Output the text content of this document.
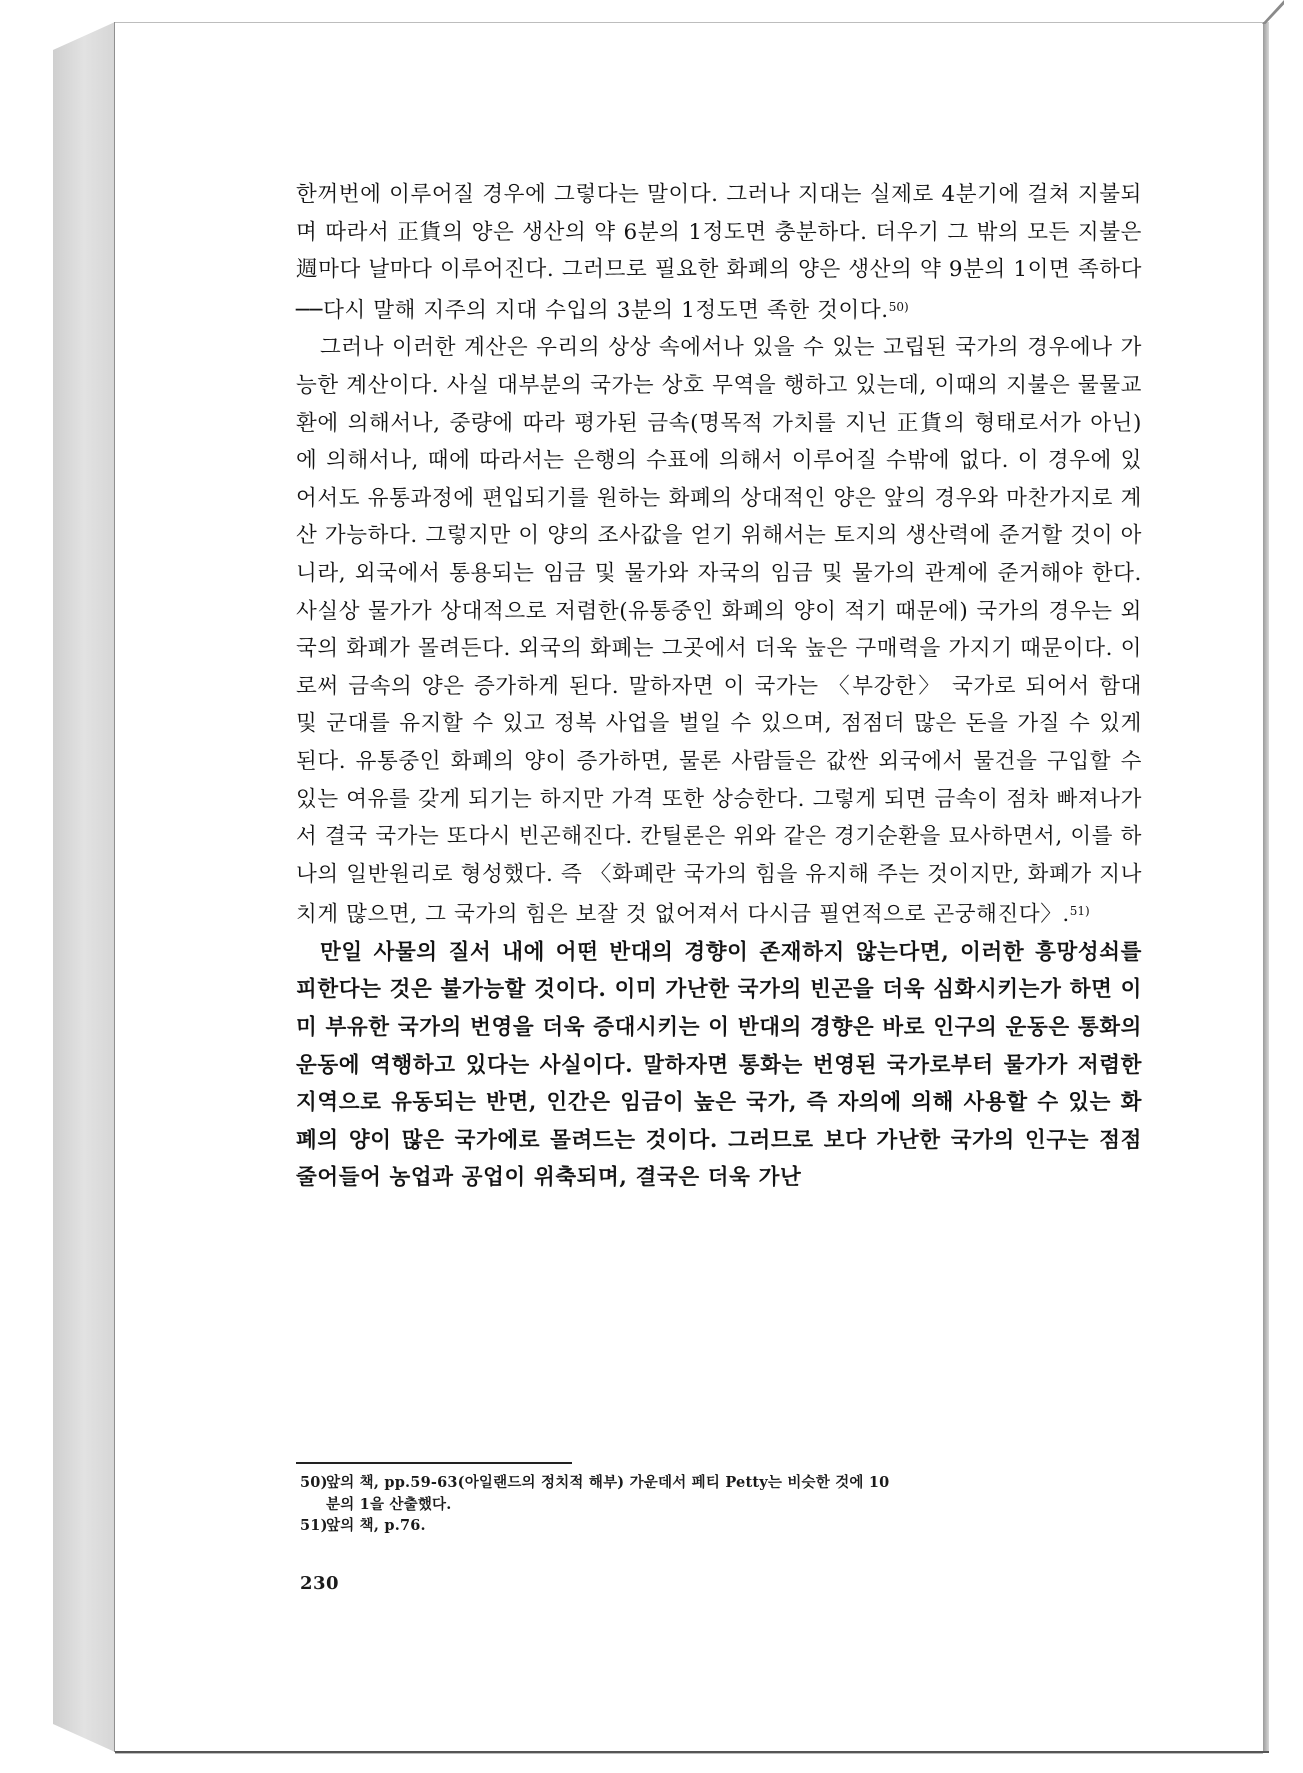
한꺼번에 이루어질 경우에 그렇다는 말이다. 그러나 지대는 실제로 4분기에 걸쳐 지불되며 따라서 正貨의 양은 생산의 약 6분의 1정도면 충분하다. 더우기 그 밖의 모든 지불은 週마다 날마다 이루어진다. 그러므로 필요한 화폐의 양은 생산의 약 9분의 1이면 족하다──다시 말해 지주의 지대 수입의 3분의 1정도면 족한 것이다.$^{50)}$

그러나 이러한 계산은 우리의 상상 속에서나 있을 수 있는 고립된 국가의 경우에나 가능한 계산이다. 사실 대부분의 국가는 상호 무역을 행하고 있는데, 이때의 지불은 물물교환에 의해서나, 중량에 따라 평가된 금속(명목적 가치를 지닌 正貨의 형태로서가 아닌)에 의해서나, 때에 따라서는 은행의 수표에 의해서 이루어질 수밖에 없다. 이 경우에 있어서도 유통과정에 편입되기를 원하는 화폐의 상대적인 양은 앞의 경우와 마찬가지로 계산 가능하다. 그렇지만 이 양의 조사값을 얻기 위해서는 토지의 생산력에 준거할 것이 아니라, 외국에서 통용되는 임금 및 물가와 자국의 임금 및 물가의 관계에 준거해야 한다. 사실상 물가가 상대적으로 저렴한(유통중인 화폐의 양이 적기 때문에) 국가의 경우는 외국의 화폐가 몰려든다. 외국의 화폐는 그곳에서 더욱 높은 구매력을 가지기 때문이다. 이로써 금속의 양은 증가하게 된다. 말하자면 이 국가는 〈부강한〉 국가로 되어서 함대 및 군대를 유지할 수 있고 정복 사업을 벌일 수 있으며, 점점더 많은 돈을 가질 수 있게 된다. 유통중인 화폐의 양이 증가하면, 물론 사람들은 값싼 외국에서 물건을 구입할 수 있는 여유를 갖게 되기는 하지만 가격 또한 상승한다. 그렇게 되면 금속이 점차 빠져나가서 결국 국가는 또다시 빈곤해진다. 칸틸론은 위와 같은 경기순환을 묘사하면서, 이를 하나의 일반원리로 형성했다. 즉 〈화폐란 국가의 힘을 유지해 주는 것이지만, 화폐가 지나치게 많으면, 그 국가의 힘은 보잘 것 없어져서 다시금 필연적으로 곤궁해진다〉.$^{51)}$

만일 사물의 질서 내에 어떤 반대의 경향이 존재하지 않는다면, 이러한 흥망성쇠를 피한다는 것은 불가능할 것이다. 이미 가난한 국가의 빈곤을 더욱 심화시키는가 하면 이미 부유한 국가의 번영을 더욱 증대시키는 이 반대의 경향은 바로 인구의 운동은 통화의 운동에 역행하고 있다는 사실이다. 말하자면 통화는 번영된 국가로부터 물가가 저렴한 지역으로 유동되는 반면, 인간은 임금이 높은 국가, 즉 자의에 의해 사용할 수 있는 화폐의 양이 많은 국가에로 몰려드는 것이다. 그러므로 보다 가난한 국가의 인구는 점점 줄어들어 농업과 공업이 위축되며, 결국은 더욱 가난

50)앞의 책, pp.59-63(아일랜드의 정치적 해부) 가운데서 페티 Petty는 비슷한 것에 10

분의 1을 산출했다.

51)앞의 책, p.76.

230
